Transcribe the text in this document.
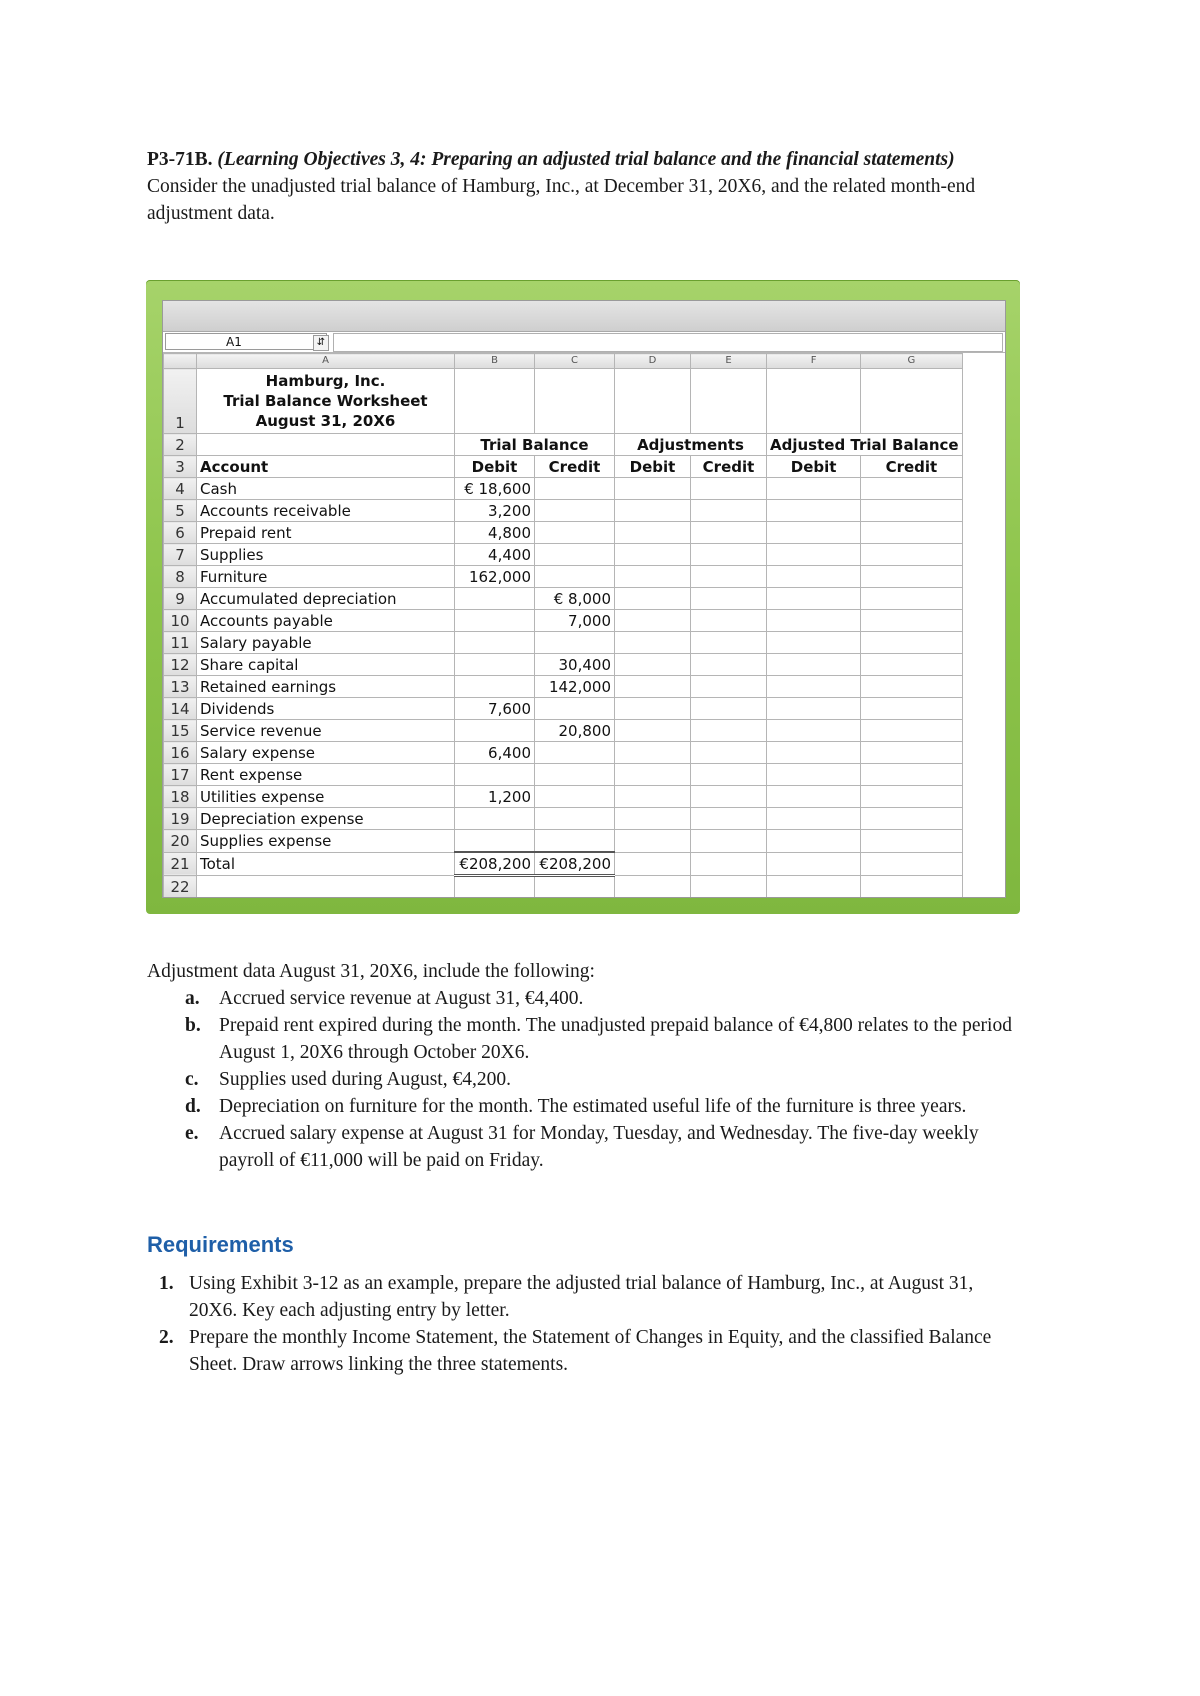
P3-71B. (Learning Objectives 3, 4: Preparing an adjusted trial balance and the financial statements) Consider the unadjusted trial balance of Hamburg, Inc., at December 31, 20X6, and the related month-end adjustment data.
A1	⇵
	A	B	C	D	E	F	G
1	Hamburg, Inc.
Trial Balance Worksheet
August 31, 20X6						

2		Trial Balance		Adjustments		Adjusted Trial Balance	
3	Account	Debit	Credit	Debit	Credit	Debit	Credit
4	Cash	€ 18,600					
5	Accounts receivable	3,200					
6	Prepaid rent	4,800					
7	Supplies	4,400					
8	Furniture	162,000					
9	Accumulated depreciation		€ 8,000				
10	Accounts payable		7,000				
11	Salary payable						
12	Share capital		30,400				
13	Retained earnings		142,000				
14	Dividends	7,600					
15	Service revenue		20,800				
16	Salary expense	6,400					
17	Rent expense						
18	Utilities expense	1,200					
19	Depreciation expense						
20	Supplies expense						
21	Total	€208,200	€208,200				
22							
Adjustment data August 31, 20X6, include the following:
a. Accrued service revenue at August 31, €4,400.
b. Prepaid rent expired during the month. The unadjusted prepaid balance of €4,800 relates to the period August 1, 20X6 through October 20X6.
c. Supplies used during August, €4,200.
d. Depreciation on furniture for the month. The estimated useful life of the furniture is three years.
e. Accrued salary expense at August 31 for Monday, Tuesday, and Wednesday. The five-day weekly payroll of €11,000 will be paid on Friday.
Requirements
1. Using Exhibit 3-12 as an example, prepare the adjusted trial balance of Hamburg, Inc., at August 31, 20X6. Key each adjusting entry by letter.
2. Prepare the monthly Income Statement, the Statement of Changes in Equity, and the classified Balance Sheet. Draw arrows linking the three statements.
